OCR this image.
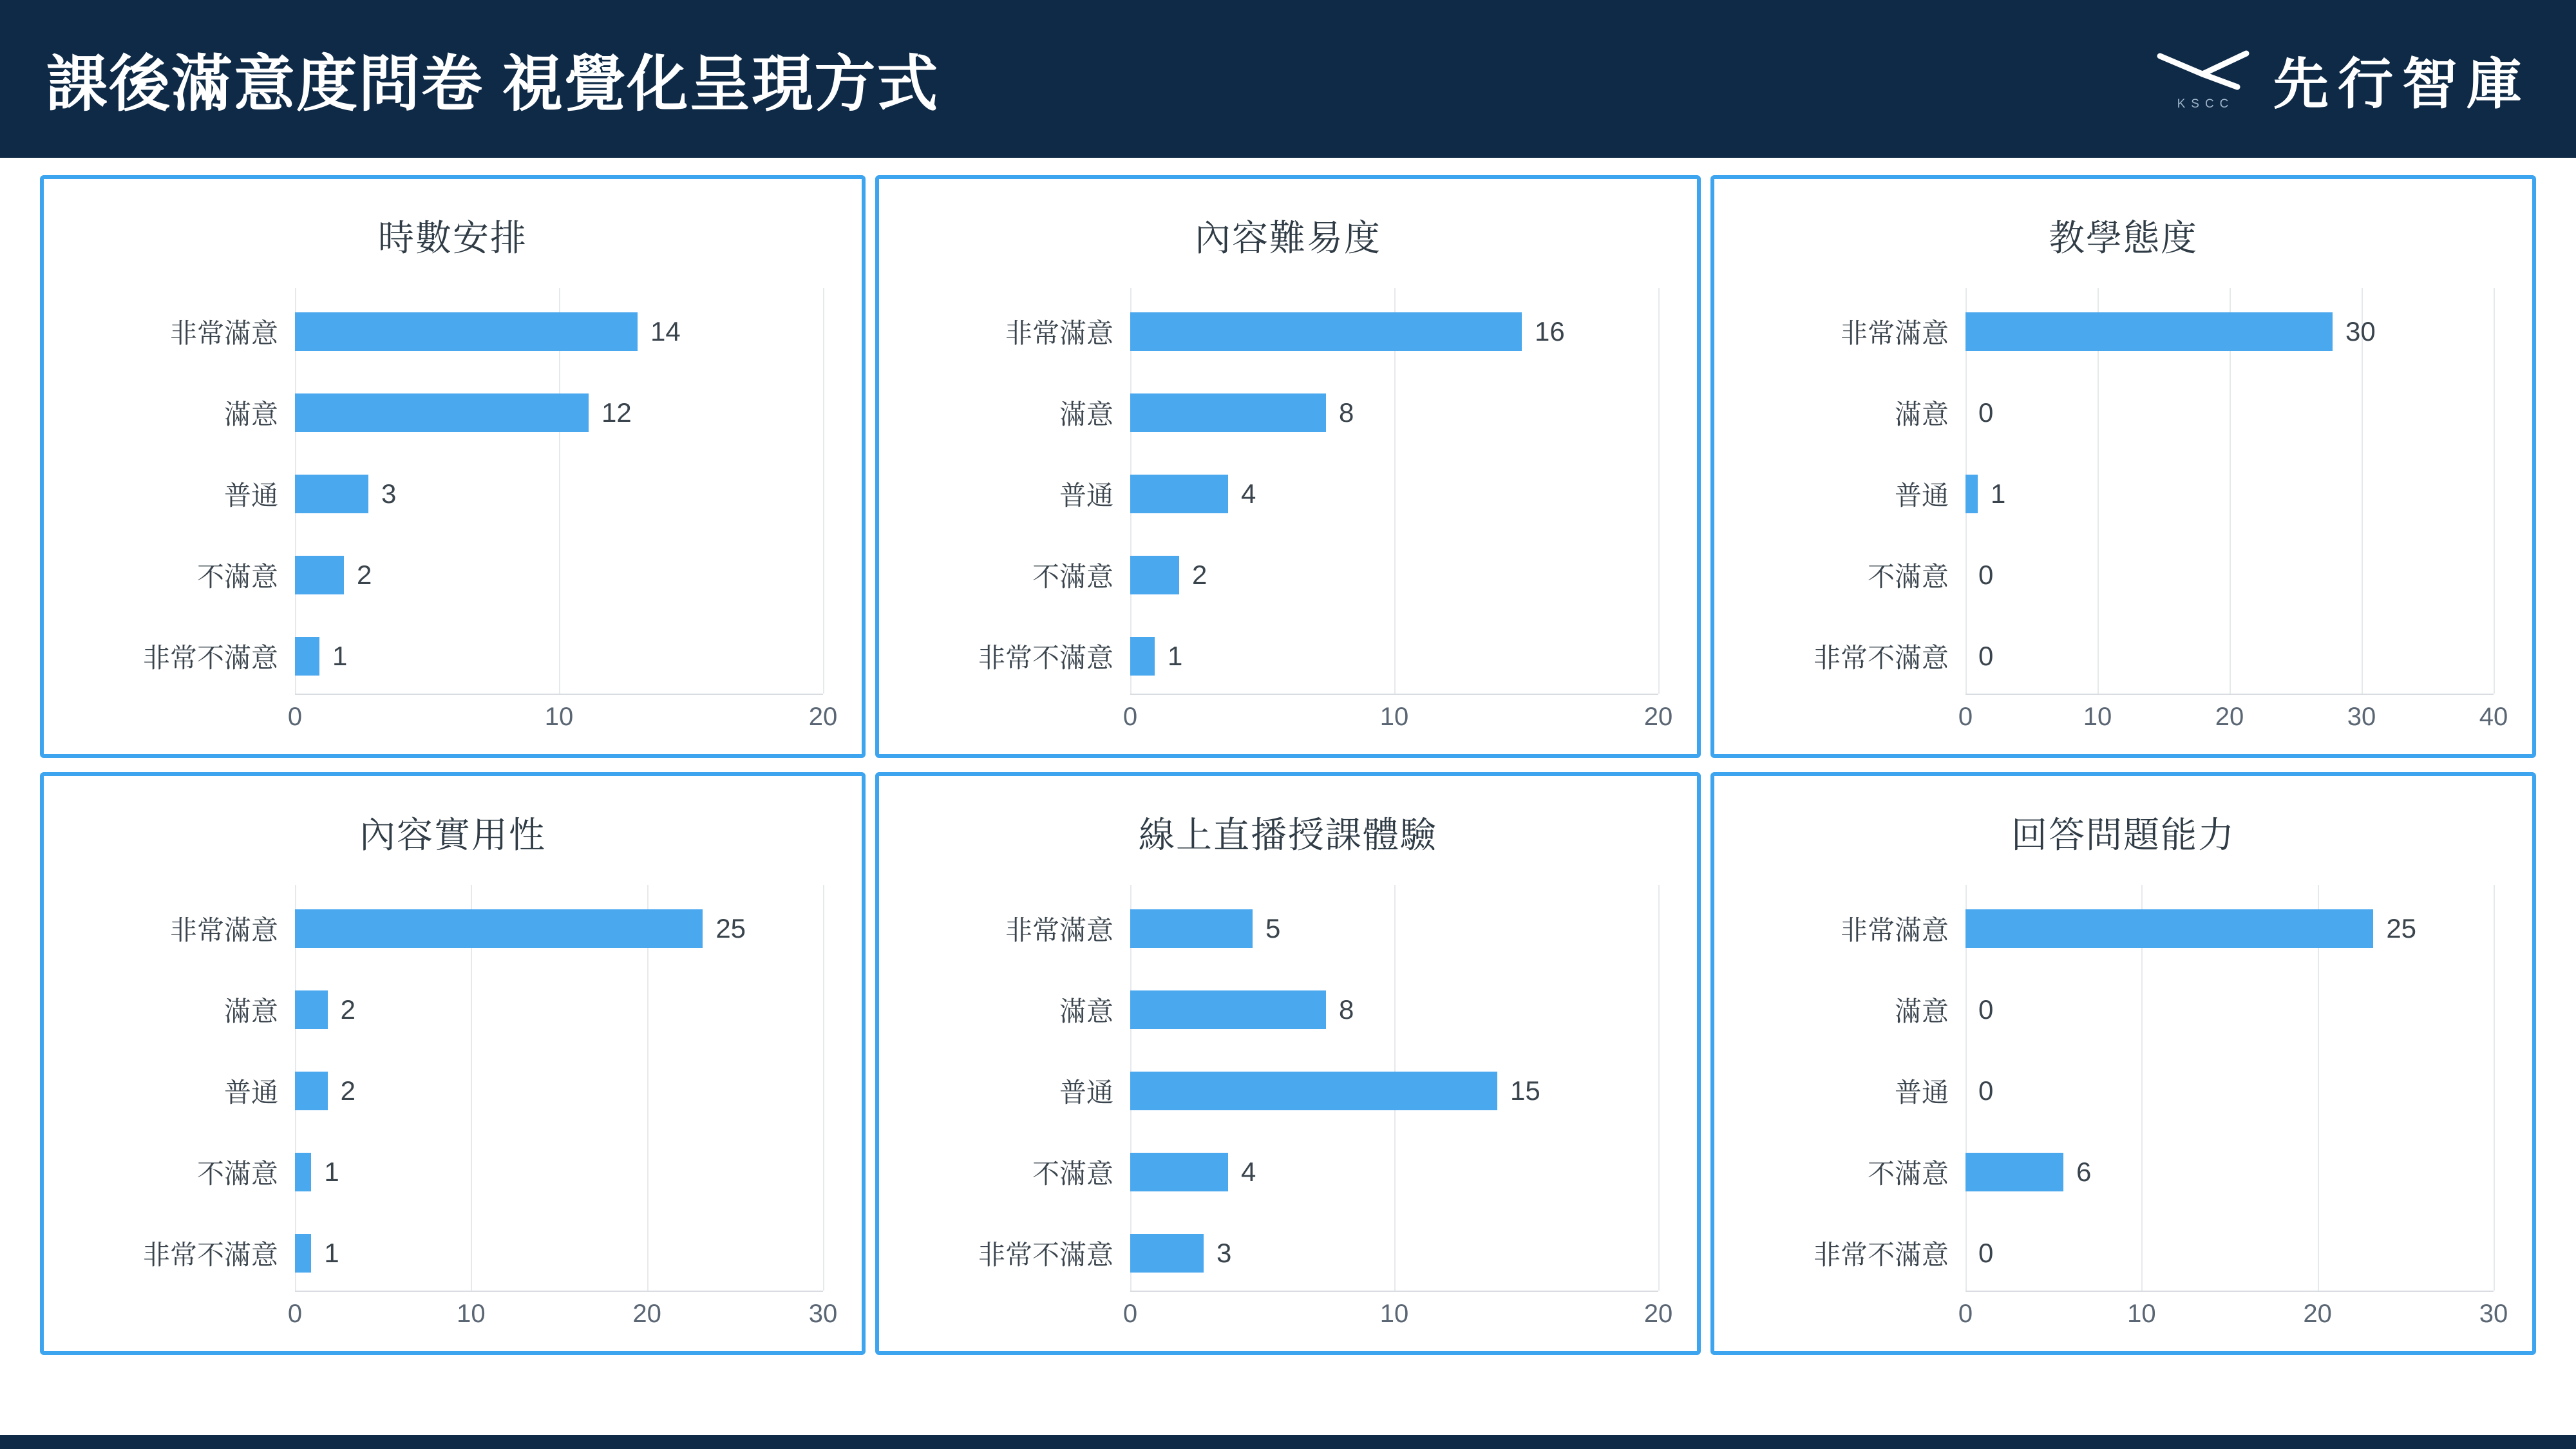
課後滿意度問卷 視覺化呈現方式	KSCC 先行智庫
時數安排
0	10	20
非常滿意	14
滿意	12
普通	3
不滿意	2
非常不滿意	1
內容難易度
0	10	20
非常滿意	16
滿意	8
普通	4
不滿意	2
非常不滿意	1
教學態度
0	10	20	30	40
非常滿意	30
滿意	0
普通	1
不滿意	0
非常不滿意	0
內容實用性
0	10	20	30
非常滿意	25
滿意	2
普通	2
不滿意	1
非常不滿意	1
線上直播授課體驗
0	10	20
非常滿意	5
滿意	8
普通	15
不滿意	4
非常不滿意	3
回答問題能力
0	10	20	30
非常滿意	25
滿意	0
普通	0
不滿意	6
非常不滿意	0
